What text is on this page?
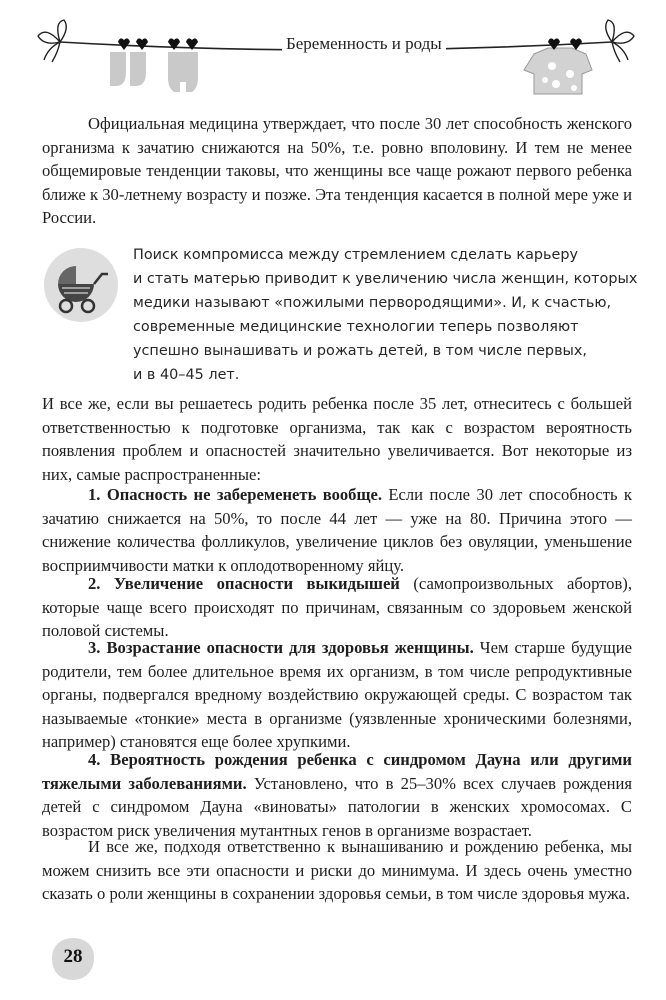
Беременность и роды

Официальная медицина утверждает, что после 30 лет способность женского организма к зачатию снижаются на 50%, т.е. ровно вполовину. И тем не менее общемировые тенденции таковы, что женщины все чаще рожают первого ребенка ближе к 30-летнему возрасту и позже. Эта тенденция касается в полной мере уже и России.

Поиск компромисса между стремлением сделать карьеру
и стать матерью приводит к увеличению числа женщин, которых
медики называют «пожилыми первородящими». И, к счастью,
современные медицинские технологии теперь позволяют
успешно вынашивать и рожать детей, в том числе первых,
и в 40–45 лет.

И все же, если вы решаетесь родить ребенка после 35 лет, отнеситесь с большей ответственностью к подготовке организма, так как с возрастом вероятность появления проблем и опасностей значительно увеличивается. Вот некоторые из них, самые распространенные:

1. Опасность не забеременеть вообще. Если после 30 лет способность к зачатию снижается на 50%, то после 44 лет — уже на 80. Причина этого — снижение количества фолликулов, увеличение циклов без овуляции, уменьшение восприимчивости матки к оплодотворенному яйцу.

2. Увеличение опасности выкидышей (самопроизвольных абортов), которые чаще всего происходят по причинам, связанным со здоровьем женской половой системы.

3. Возрастание опасности для здоровья женщины. Чем старше будущие родители, тем более длительное время их организм, в том числе репродуктивные органы, подвергался вредному воздействию окружающей среды. С возрастом так называемые «тонкие» места в организме (уязвленные хроническими болезнями, например) становятся еще более хрупкими.

4. Вероятность рождения ребенка с синдромом Дауна или другими тяжелыми заболеваниями. Установлено, что в 25–30% всех случаев рождения детей с синдромом Дауна «виноваты» патологии в женских хромосомах. С возрастом риск увеличения мутантных генов в организме возрастает.

И все же, подходя ответственно к вынашиванию и рождению ребенка, мы можем снизить все эти опасности и риски до минимума. И здесь очень уместно сказать о роли женщины в сохранении здоровья семьи, в том числе здоровья мужа.

28
